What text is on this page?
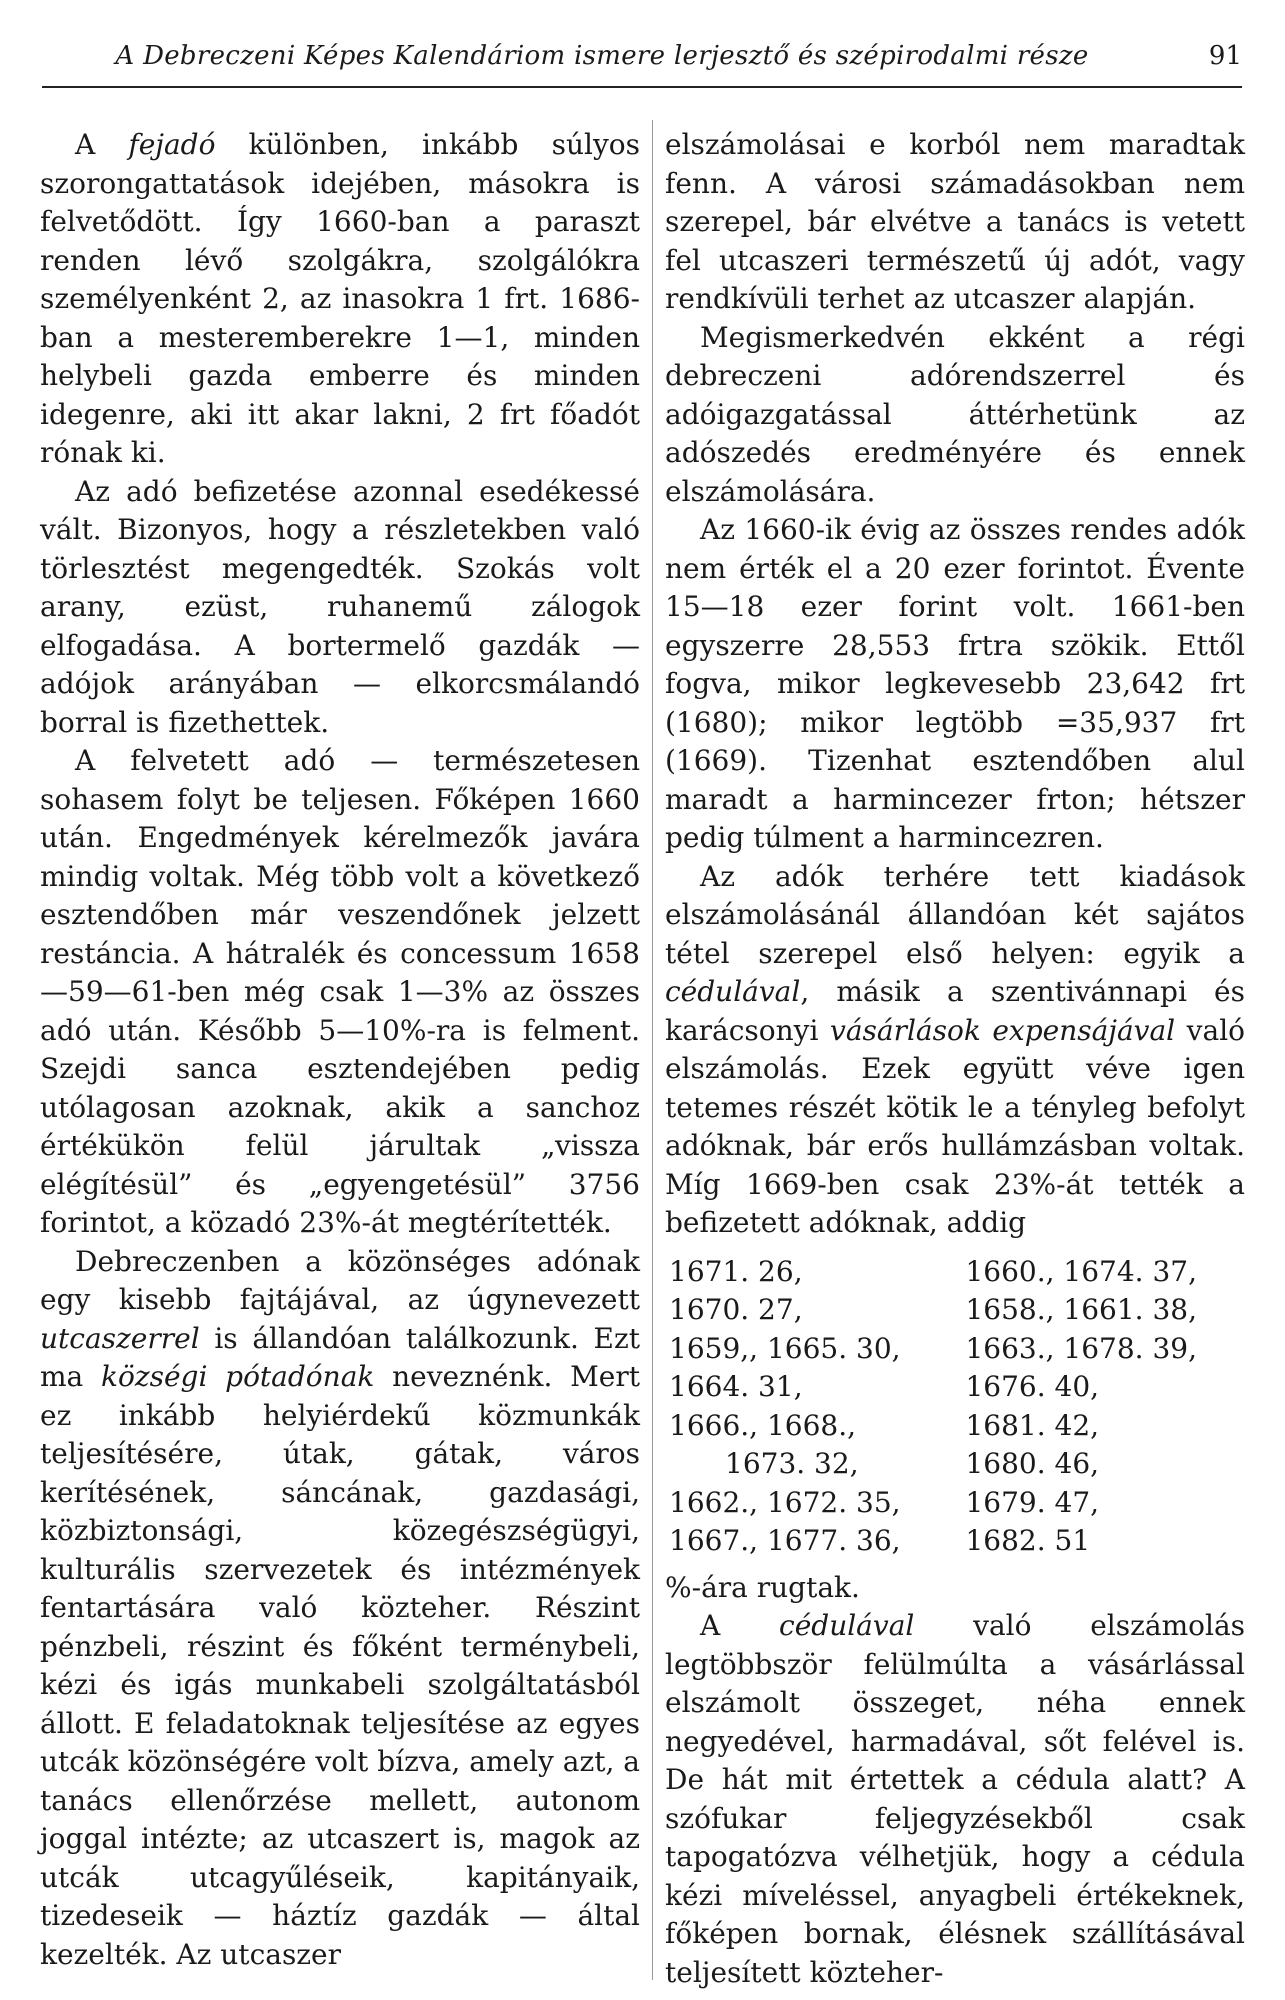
A Debreczeni Képes Kalendáriom ismere lerjesztő és szépirodalmi része	91

A fejadó különben, inkább súlyos szorongattatások idejében, másokra is felvetődött. Így 1660-ban a paraszt renden lévő szolgákra, szolgálókra személyenként 2, az inasokra 1 frt. 1686-ban a mesteremberekre 1—1, minden helybeli gazda emberre és minden idegenre, aki itt akar lakni, 2 frt főadót rónak ki.

Az adó befizetése azonnal esedékessé vált. Bizonyos, hogy a részletekben való törlesztést megengedték. Szokás volt arany, ezüst, ruhanemű zálogok elfogadása. A bortermelő gazdák — adójok arányában — elkorcsmálandó borral is fizethettek.

A felvetett adó — természetesen sohasem folyt be teljesen. Főképen 1660 után. Engedmények kérelmezők javára mindig voltak. Még több volt a következő esztendőben már veszendőnek jelzett restáncia. A hátralék és concessum 1658—59—61-ben még csak 1—3% az összes adó után. Később 5—10%-ra is felment. Szejdi sanca esztendejében pedig utólagosan azoknak, akik a sanchoz értékükön felül járultak „vissza elégítésül” és „egyengetésül” 3756 forintot, a közadó 23%-át megtérítették.

Debreczenben a közönséges adónak egy kisebb fajtájával, az úgynevezett utcaszerrel is állandóan találkozunk. Ezt ma községi pótadónak neveznénk. Mert ez inkább helyiérdekű közmunkák teljesítésére, útak, gátak, város kerítésének, sáncának, gazdasági, közbiztonsági, közegészségügyi, kulturális szervezetek és intézmények fentartására való közteher. Részint pénzbeli, részint és főként terménybeli, kézi és igás munkabeli szolgáltatásból állott. E feladatoknak teljesítése az egyes utcák közönségére volt bízva, amely azt, a tanács ellenőrzése mellett, autonom joggal intézte; az utcaszert is, magok az utcák utcagyűléseik, kapitányaik, tizedeseik — háztíz gazdák — által kezelték. Az utcaszer

elszámolásai e korból nem maradtak fenn. A városi számadásokban nem szerepel, bár elvétve a tanács is vetett fel utcaszeri természetű új adót, vagy rendkívüli terhet az utcaszer alapján.

Megismerkedvén ekként a régi debreczeni adórendszerrel és adóigazgatással áttérhetünk az adószedés eredményére és ennek elszámolására.

Az 1660-ik évig az összes rendes adók nem érték el a 20 ezer forintot. Évente 15—18 ezer forint volt. 1661-ben egyszerre 28,553 frtra szökik. Ettől fogva, mikor legkevesebb 23,642 frt (1680); mikor legtöbb =35,937 frt (1669). Tizenhat esztendőben alul maradt a harmincezer frton; hétszer pedig túlment a harmincezren.

Az adók terhére tett kiadások elszámolásánál állandóan két sajátos tétel szerepel első helyen: egyik a cédulával, másik a szentivánnapi és karácsonyi vásárlások expensájával való elszámolás. Ezek együtt véve igen tetemes részét kötik le a tényleg befolyt adóknak, bár erős hullámzásban voltak. Míg 1669-ben csak 23%-át tették a befizetett adóknak, addig

1671. 26,	1660., 1674. 37,
1670. 27,	1658., 1661. 38,
1659,, 1665. 30,	1663., 1678. 39,
1664. 31,	1676. 40,
1666., 1668.,	1681. 42,
1673. 32,	1680. 46,
1662., 1672. 35,	1679. 47,
1667., 1677. 36,	1682. 51

%-ára rugtak.

A cédulával való elszámolás legtöbbször felülmúlta a vásárlással elszámolt összeget, néha ennek negyedével, harmadával, sőt felével is. De hát mit értettek a cédula alatt? A szófukar feljegyzésekből csak tapogatózva vélhetjük, hogy a cédula kézi míveléssel, anyagbeli értékeknek, főképen bornak, élésnek szállításával teljesített közteher-
